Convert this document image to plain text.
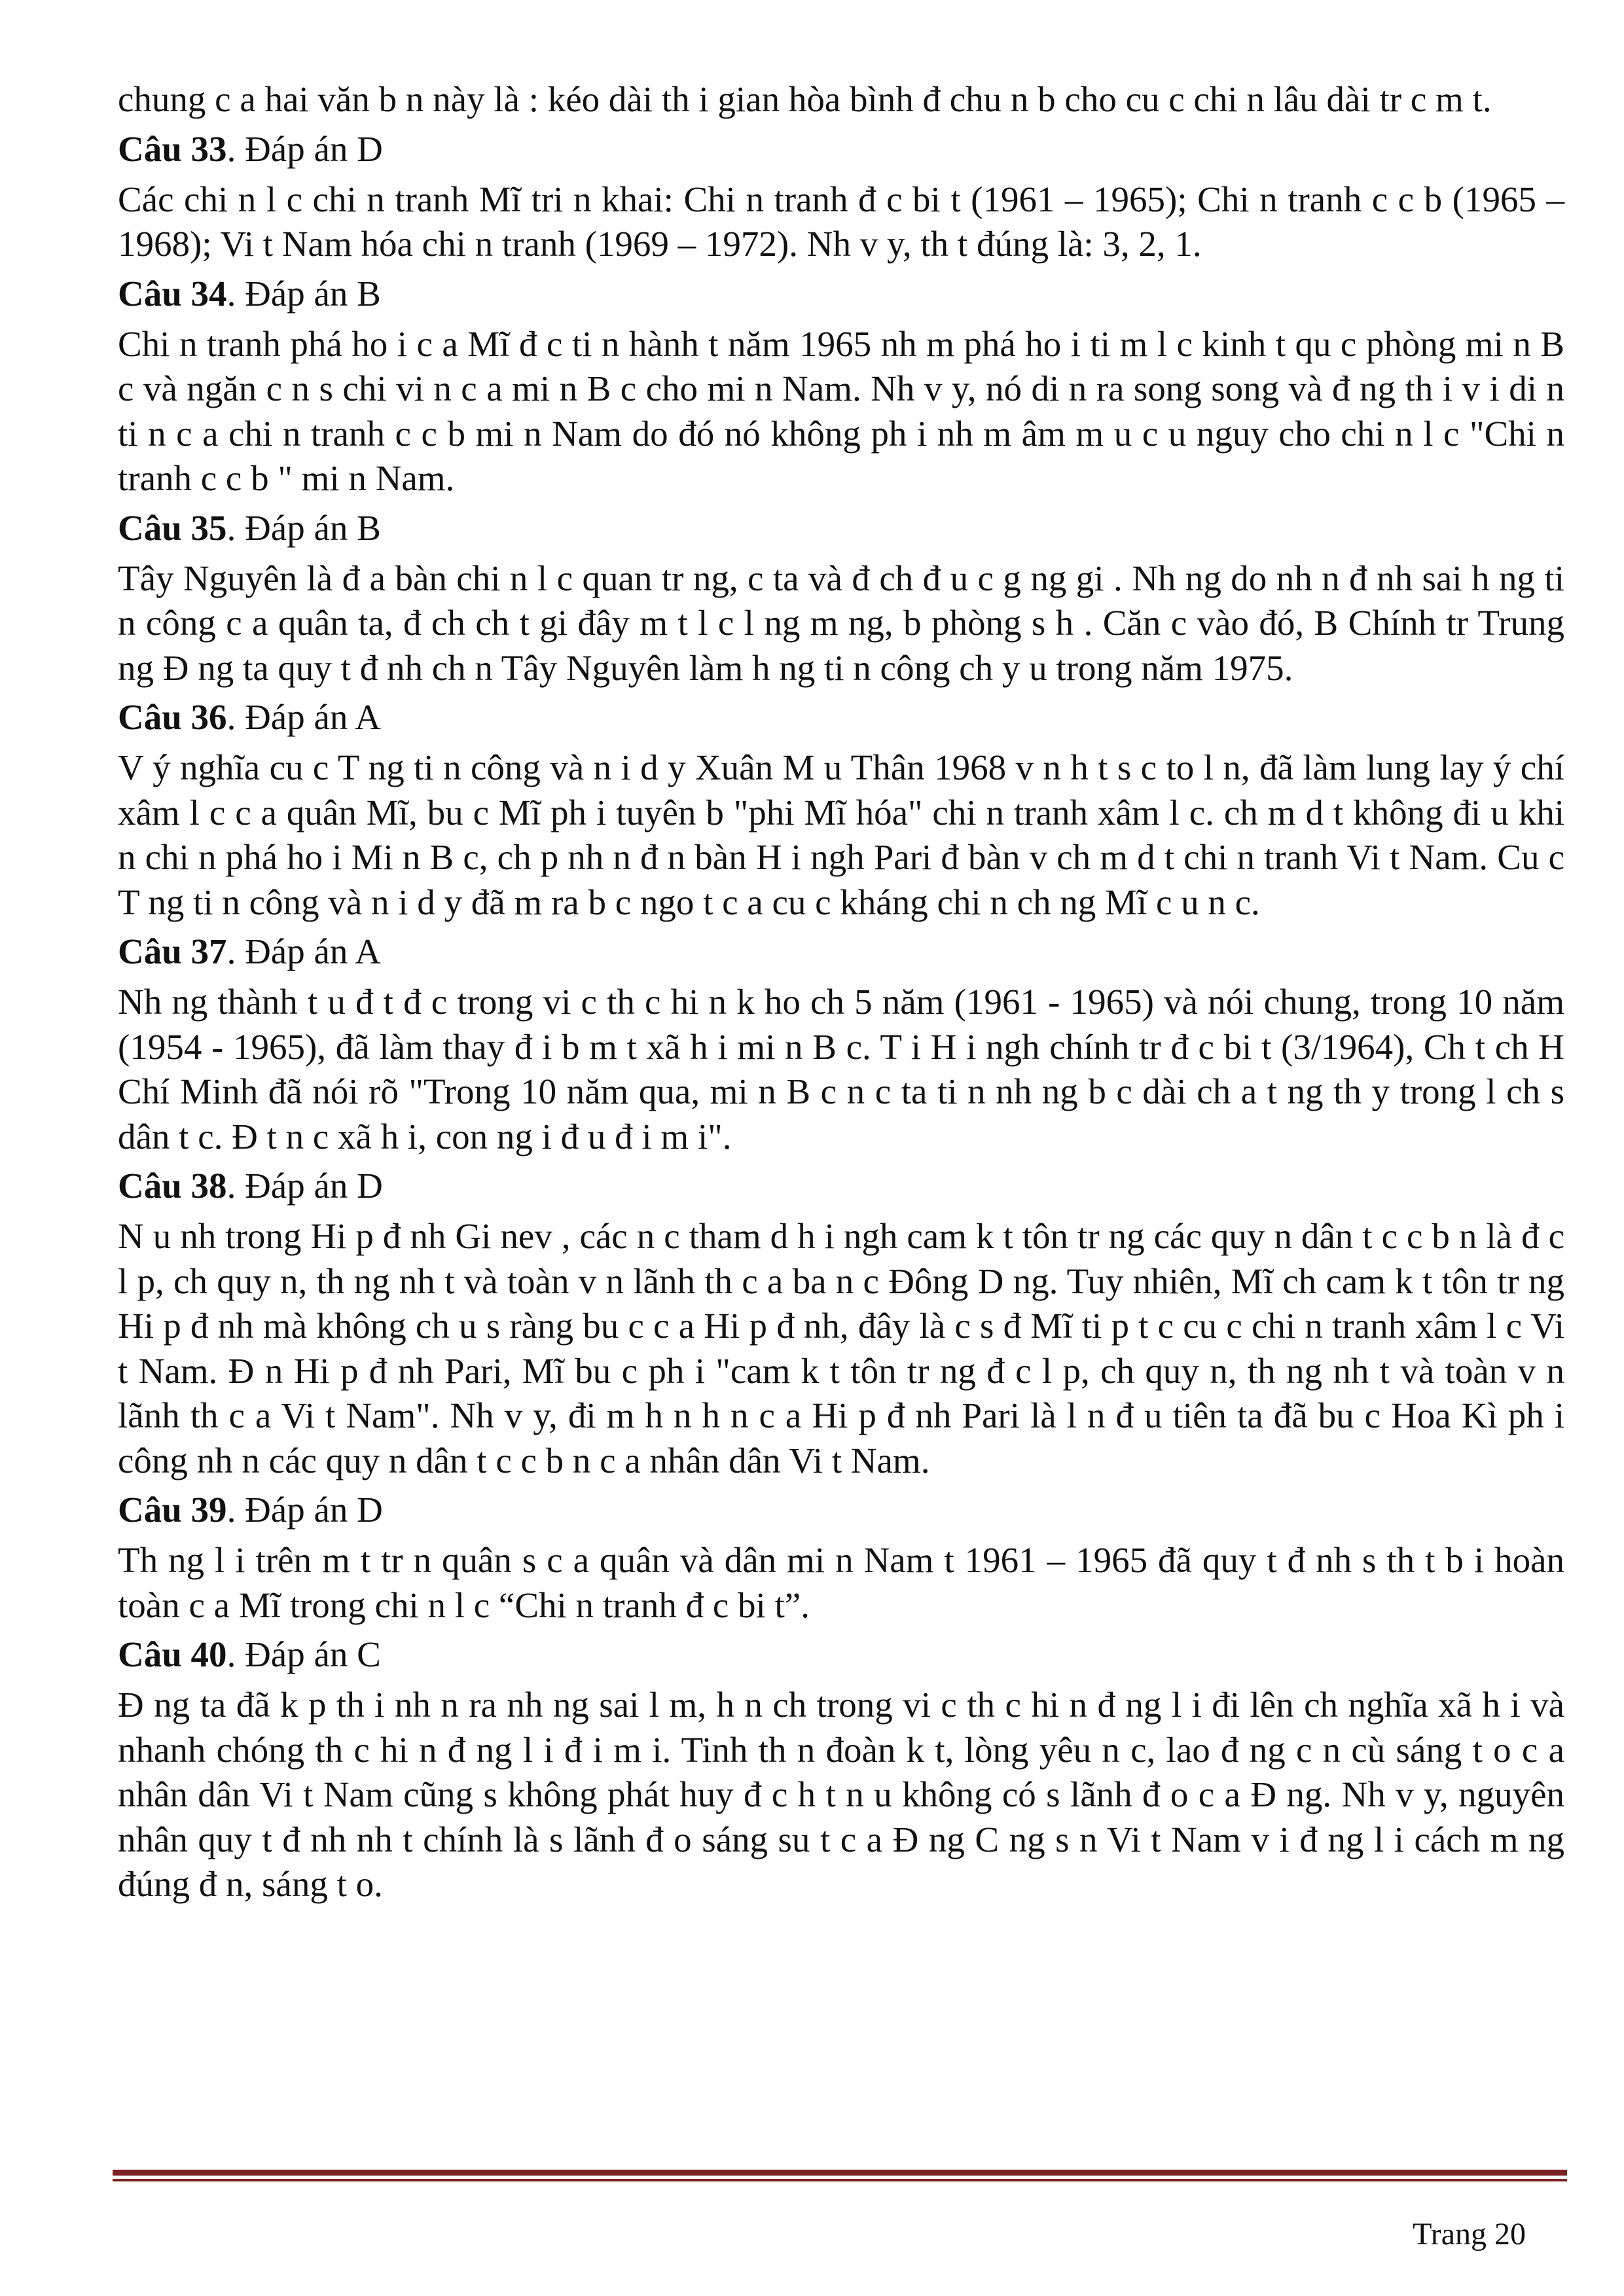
chung c a hai văn b n này là : kéo dài th i gian hòa bình đ chu n b cho cu c chi n lâu dài tr c m t.

Câu 33. Đáp án D

Các chi n l c chi n tranh Mĩ tri n khai: Chi n tranh đ c bi t (1961 – 1965); Chi n tranh c c b (1965 – 1968); Vi t Nam hóa chi n tranh (1969 – 1972). Nh v y, th t đúng là: 3, 2, 1.

Câu 34. Đáp án B

Chi n tranh phá ho i c a Mĩ đ c ti n hành t năm 1965 nh m phá ho i ti m l c kinh t qu c phòng mi n B c và ngăn c n s chi vi n c a mi n B c cho mi n Nam. Nh v y, nó di n ra song song và đ ng th i v i di n ti n c a chi n tranh c c b mi n Nam do đó nó không ph i nh m âm m u c u nguy cho chi n l c "Chi n tranh c c b " mi n Nam.

Câu 35. Đáp án B

Tây Nguyên là đ a bàn chi n l c quan tr ng, c ta và đ ch đ u c g ng gi . Nh ng do nh n đ nh sai h ng ti n công c a quân ta, đ ch ch t gi đây m t l c l ng m ng, b phòng s h . Căn c vào đó, B Chính tr Trung ng Đ ng ta quy t đ nh ch n Tây Nguyên làm h ng ti n công ch y u trong năm 1975.

Câu 36. Đáp án A

V ý nghĩa cu c T ng ti n công và n i d y Xuân M u Thân 1968 v n h t s c to l n, đã làm lung lay ý chí xâm l c c a quân Mĩ, bu c Mĩ ph i tuyên b "phi Mĩ hóa" chi n tranh xâm l c. ch m d t không đi u khi n chi n phá ho i Mi n B c, ch p nh n đ n bàn H i ngh Pari đ bàn v ch m d t chi n tranh Vi t Nam. Cu c T ng ti n công và n i d y đã m ra b c ngo t c a cu c kháng chi n ch ng Mĩ c u n c.

Câu 37. Đáp án A

Nh ng thành t u đ t đ c trong vi c th c hi n k ho ch 5 năm (1961 - 1965) và nói chung, trong 10 năm (1954 - 1965), đã làm thay đ i b m t xã h i mi n B c. T i H i ngh chính tr đ c bi t (3/1964), Ch t ch H Chí Minh đã nói rõ "Trong 10 năm qua, mi n B c n c ta ti n nh ng b c dài ch a t ng th y trong l ch s dân t c. Đ t n c xã h i, con ng i đ u đ i m i".

Câu 38. Đáp án D

N u nh trong Hi p đ nh Gi nev , các n c tham d h i ngh cam k t tôn tr ng các quy n dân t c c b n là đ c l p, ch quy n, th ng nh t và toàn v n lãnh th c a ba n c Đông D ng. Tuy nhiên, Mĩ ch cam k t tôn tr ng Hi p đ nh mà không ch u s ràng bu c c a Hi p đ nh, đây là c s đ Mĩ ti p t c cu c chi n tranh xâm l c Vi t Nam. Đ n Hi p đ nh Pari, Mĩ bu c ph i "cam k t tôn tr ng đ c l p, ch quy n, th ng nh t và toàn v n lãnh th c a Vi t Nam". Nh v y, đi m h n h n c a Hi p đ nh Pari là l n đ u tiên ta đã bu c Hoa Kì ph i công nh n các quy n dân t c c b n c a nhân dân Vi t Nam.

Câu 39. Đáp án D

Th ng l i trên m t tr n quân s c a quân và dân mi n Nam t 1961 – 1965 đã quy t đ nh s th t b i hoàn toàn c a Mĩ trong chi n l c “Chi n tranh đ c bi t”.

Câu 40. Đáp án C

Đ ng ta đã k p th i nh n ra nh ng sai l m, h n ch trong vi c th c hi n đ ng l i đi lên ch nghĩa xã h i và nhanh chóng th c hi n đ ng l i đ i m i. Tinh th n đoàn k t, lòng yêu n c, lao đ ng c n cù sáng t o c a nhân dân Vi t Nam cũng s không phát huy đ c h t n u không có s lãnh đ o c a Đ ng. Nh v y, nguyên nhân quy t đ nh nh t chính là s lãnh đ o sáng su t c a Đ ng C ng s n Vi t Nam v i đ ng l i cách m ng đúng đ n, sáng t o.

Trang 20
